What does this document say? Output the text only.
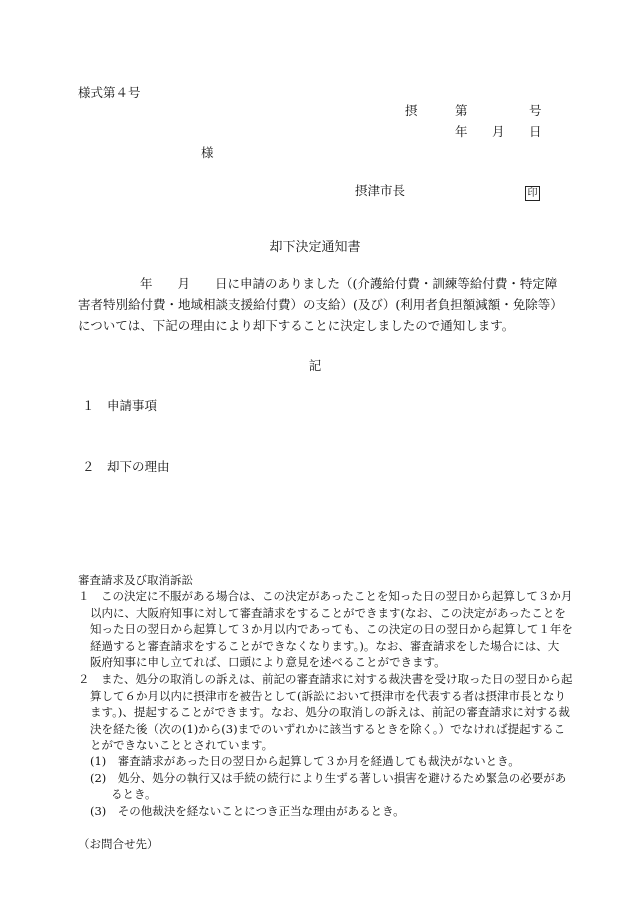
様式第４号
摂	第	号
年 月 日
様
摂津市長	印
却下決定通知書
年　　月　　日に申請のありました（(介護給付費・訓練等給付費・特定障
害者特別給付費・地域相談支援給付費）の支給）(及び）(利用者負担額減額・免除等）
については、下記の理由により却下することに決定しましたので通知します。
記
１　申請事項
２　却下の理由
審査請求及び取消訴訟
１　この決定に不服がある場合は、この決定があったことを知った日の翌日から起算して３か月
以内に、大阪府知事に対して審査請求をすることができます(なお、この決定があったことを
知った日の翌日から起算して３か月以内であっても、この決定の日の翌日から起算して１年を
経過すると審査請求をすることができなくなります。)。なお、審査請求をした場合には、大
阪府知事に申し立てれば、口頭により意見を述べることができます。
２　また、処分の取消しの訴えは、前記の審査請求に対する裁決書を受け取った日の翌日から起
算して６か月以内に摂津市を被告として(訴訟において摂津市を代表する者は摂津市長となり
ます。)、提起することができます。なお、処分の取消しの訴えは、前記の審査請求に対する裁
決を経た後（次の(1)から(3)までのいずれかに該当するときを除く。）でなければ提起するこ
とができないこととされています。
(1)　 審査請求があった日の翌日から起算して３か月を経過しても裁決がないとき。
(2)　 処分、処分の執行又は手続の続行により生ずる著しい損害を避けるため緊急の必要があ
るとき。
(3)　 その他裁決を経ないことにつき正当な理由があるとき。
（お問合せ先）
